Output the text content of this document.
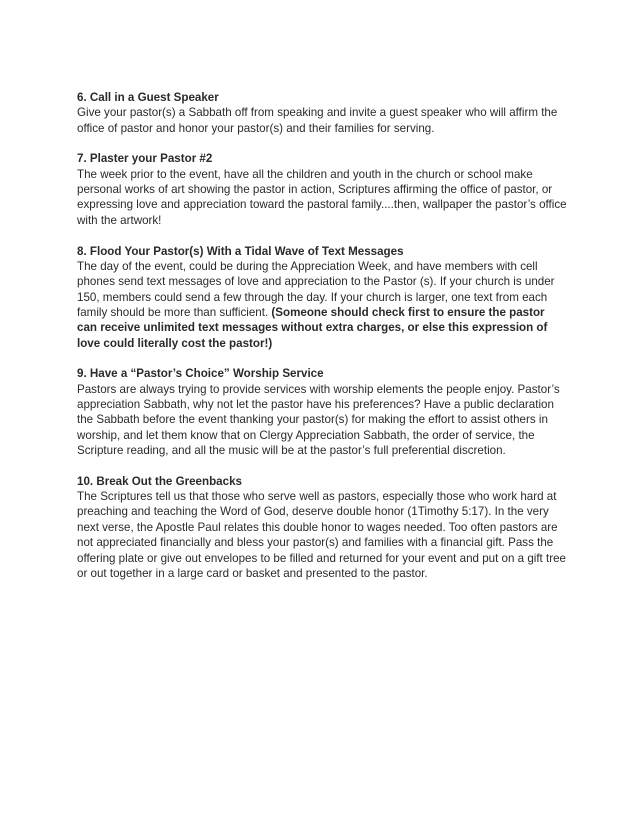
6. Call in a Guest Speaker
Give your pastor(s) a Sabbath off from speaking and invite a guest speaker who will affirm the office of pastor and honor your pastor(s) and their families for serving.
7. Plaster your Pastor #2
The week prior to the event, have all the children and youth in the church or school make personal works of art showing the pastor in action, Scriptures affirming the office of pastor, or expressing love and appreciation toward the pastoral family....then, wallpaper the pastor’s office with the artwork!
8. Flood Your Pastor(s) With a Tidal Wave of Text Messages
The day of the event, could be during the Appreciation Week, and have members with cell phones send text messages of love and appreciation to the Pastor (s). If your church is under 150, members could send a few through the day. If your church is larger, one text from each family should be more than sufficient. (Someone should check first to ensure the pastor can receive unlimited text messages without extra charges, or else this expression of love could literally cost the pastor!)
9. Have a “Pastor’s Choice” Worship Service
Pastors are always trying to provide services with worship elements the people enjoy. Pastor’s appreciation Sabbath, why not let the pastor have his preferences? Have a public declaration the Sabbath before the event thanking your pastor(s) for making the effort to assist others in worship, and let them know that on Clergy Appreciation Sabbath, the order of service, the Scripture reading, and all the music will be at the pastor’s full preferential discretion.
10. Break Out the Greenbacks
The Scriptures tell us that those who serve well as pastors, especially those who work hard at preaching and teaching the Word of God, deserve double honor (1Timothy 5:17). In the very next verse, the Apostle Paul relates this double honor to wages needed. Too often pastors are not appreciated financially and bless your pastor(s) and families with a financial gift. Pass the offering plate or give out envelopes to be filled and returned for your event and put on a gift tree or out together in a large card or basket and presented to the pastor.
